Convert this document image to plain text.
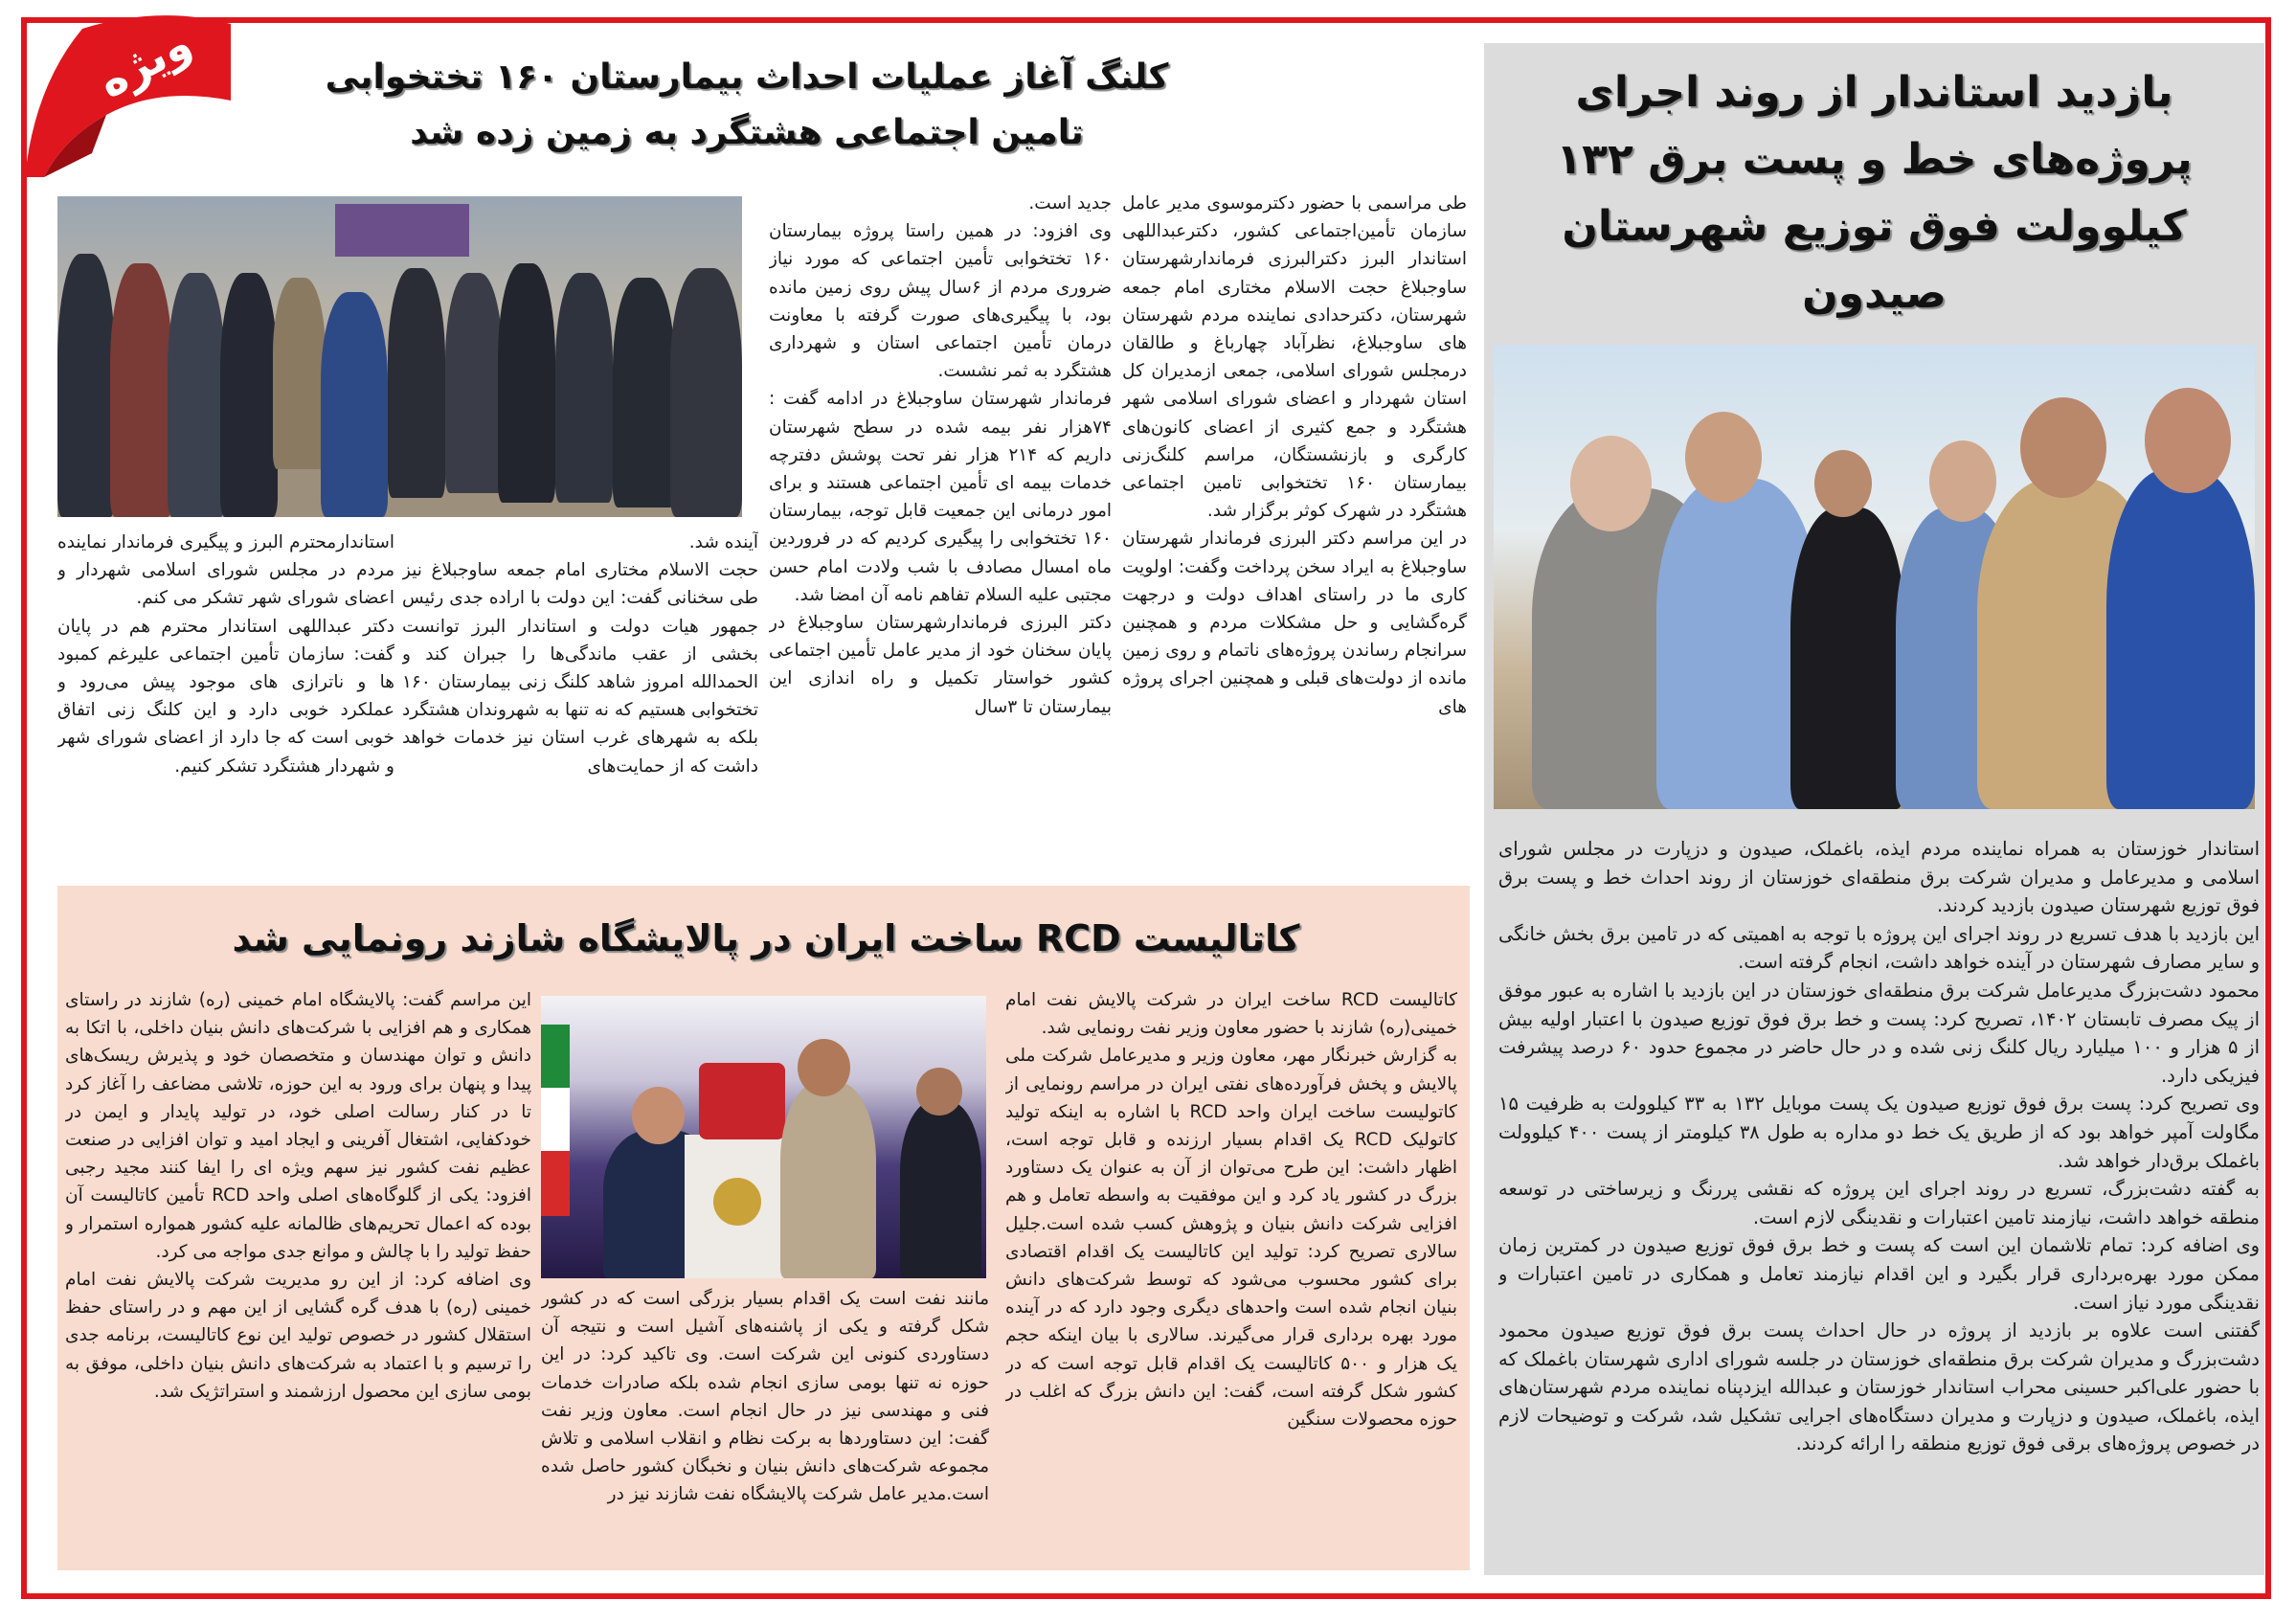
ویژه	کلنگ آغاز عملیات احداث بیمارستان ۱۶۰ تختخوابی
تامین اجتماعی هشتگرد به زمین زده شد

طی مراسمی با حضور دکترموسوی مدیر عامل سازمان تأمین‌اجتماعی کشور، دکترعبداللهی استاندار البرز دکترالبرزی فرماندارشهرستان ساوجبلاغ حجت الاسلام مختاری امام جمعه شهرستان، دکترحدادی نماینده مردم شهرستان های ساوجبلاغ، نظرآباد چهارباغ و طالقان درمجلس شورای اسلامی، جمعی ازمدیران کل استان شهردار و اعضای شورای اسلامی شهر هشتگرد و جمع کثیری از اعضای کانون‌های کارگری و بازنشستگان، مراسم کلنگ‌زنی بیمارستان ۱۶۰ تختخوابی تامین اجتماعی هشتگرد در شهرک کوثر برگزار شد.

در این مراسم دکتر البرزی فرماندار شهرستان ساوجبلاغ به ایراد سخن پرداخت وگفت: اولویت کاری ما در راستای اهداف دولت و درجهت گره‌گشایی و حل مشکلات مردم و همچنین سرانجام رساندن پروژه‌های ناتمام و روی زمین مانده از دولت‌های قبلی و همچنین اجرای پروژه های

جدید است.

وی افزود: در همین راستا پروژه بیمارستان ۱۶۰ تختخوابی تأمین اجتماعی که مورد نیاز ضروری مردم از ۶سال پیش روی زمین مانده بود، با پیگیری‌های صورت گرفته با معاونت درمان تأمین اجتماعی استان و شهرداری هشتگرد به ثمر نشست.

فرماندار شهرستان ساوجبلاغ در ادامه گفت : ۷۴هزار نفر بیمه شده در سطح شهرستان داریم که ۲۱۴ هزار نفر تحت پوشش دفترچه خدمات بیمه ای تأمین اجتماعی هستند و برای امور درمانی این جمعیت قابل توجه، بیمارستان ۱۶۰ تختخوابی را پیگیری کردیم که در فروردین ماه امسال مصادف با شب ولادت امام حسن مجتبی علیه السلام تفاهم نامه آن امضا شد.

دکتر البرزی فرماندارشهرستان ساوجبلاغ در پایان سخنان خود از مدیر عامل تأمین اجتماعی کشور خواستار تکمیل و راه اندازی این بیمارستان تا ۳سال

آینده شد.

حجت الاسلام مختاری امام جمعه ساوجبلاغ نیز طی سخنانی گفت: این دولت با اراده جدی رئیس جمهور هیات دولت و استاندار البرز توانست بخشی از عقب ماندگی‌ها را جبران کند و الحمدالله امروز شاهد کلنگ زنی بیمارستان ۱۶۰ تختخوابی هستیم که نه تنها به شهروندان هشتگرد بلکه به شهرهای غرب استان نیز خدمات خواهد داشت که از حمایت‌های

استاندارمحترم البرز و پیگیری فرماندار نماینده مردم در مجلس شورای اسلامی شهردار و اعضای شورای شهر تشکر می کنم.

دکتر عبداللهی استاندار محترم هم در پایان گفت: سازمان تأمین اجتماعی علیرغم کمبود ها و ناترازی های موجود پیش می‌رود و عملکرد خوبی دارد و این کلنگ زنی اتفاق خوبی است که جا دارد از اعضای شورای شهر و شهردار هشتگرد تشکر کنیم.

کاتالیست RCD ساخت ایران در پالایشگاه شازند رونمایی شد

کاتالیست RCD ساخت ایران در شرکت پالایش نفت امام خمینی(ره) شازند با حضور معاون وزیر نفت رونمایی شد.

به گزارش خبرنگار مهر، معاون وزیر و مدیرعامل شرکت ملی پالایش و پخش فرآورده‌های نفتی ایران در مراسم رونمایی از کاتولیست ساخت ایران واحد RCD با اشاره به اینکه تولید کاتولیک RCD یک اقدام بسیار ارزنده و قابل توجه است، اظهار داشت: این طرح می‌توان از آن به عنوان یک دستاورد بزرگ در کشور یاد کرد و این موفقیت به واسطه تعامل و هم افزایی شرکت دانش بنیان و پژوهش کسب شده است.جلیل سالاری تصریح کرد: تولید این کاتالیست یک اقدام اقتصادی برای کشور محسوب می‌شود که توسط شرکت‌های دانش بنیان انجام شده است واحدهای دیگری وجود دارد که در آینده مورد بهره برداری قرار می‌گیرند. سالاری با بیان اینکه حجم یک هزار و ۵۰۰ کاتالیست یک اقدام قابل توجه است که در کشور شکل گرفته است، گفت: این دانش بزرگ که اغلب در حوزه محصولات سنگین

مانند نفت است یک اقدام بسیار بزرگی است که در کشور شکل گرفته و یکی از پاشنه‌های آشیل است و نتیجه آن دستاوردی کنونی این شرکت است. وی تاکید کرد: در این حوزه نه تنها بومی سازی انجام شده بلکه صادرات خدمات فنی و مهندسی نیز در حال انجام است. معاون وزیر نفت گفت: این دستاوردها به برکت نظام و انقلاب اسلامی و تلاش مجموعه شرکت‌های دانش بنیان و نخبگان کشور حاصل شده است.مدیر عامل شرکت پالایشگاه نفت شازند نیز در

این مراسم گفت: پالایشگاه امام خمینی (ره) شازند در راستای همکاری و هم افزایی با شرکت‌های دانش بنیان داخلی، با اتکا به دانش و توان مهندسان و متخصصان خود و پذیرش ریسک‌های پیدا و پنهان برای ورود به این حوزه، تلاشی مضاعف را آغاز کرد تا در کنار رسالت اصلی خود، در تولید پایدار و ایمن در خودکفایی، اشتغال آفرینی و ایجاد امید و توان افزایی در صنعت عظیم نفت کشور نیز سهم ویژه ای را ایفا کنند مجید رجبی افزود: یکی از گلوگاه‌های اصلی واحد RCD تأمین کاتالیست آن بوده که اعمال تحریم‌های ظالمانه علیه کشور همواره استمرار و حفظ تولید را با چالش و موانع جدی مواجه می کرد.

وی اضافه کرد: از این رو مدیریت شرکت پالایش نفت امام خمینی (ره) با هدف گره گشایی از این مهم و در راستای حفظ استقلال کشور در خصوص تولید این نوع کاتالیست، برنامه جدی را ترسیم و با اعتماد به شرکت‌های دانش بنیان داخلی، موفق به بومی سازی این محصول ارزشمند و استراتژیک شد.

بازدید استاندار از روند اجرای پروژه‌های خط و پست برق ۱۳۲ کیلوولت فوق توزیع شهرستان صیدون

استاندار خوزستان به همراه نماینده مردم ایذه، باغملک، صیدون و دزپارت در مجلس شورای اسلامی و مدیرعامل و مدیران شرکت برق منطقه‌ای خوزستان از روند احداث خط و پست برق فوق توزیع شهرستان صیدون بازدید کردند.

این بازدید با هدف تسریع در روند اجرای این پروژه با توجه به اهمیتی که در تامین برق بخش خانگی و سایر مصارف شهرستان در آینده خواهد داشت، انجام گرفته است.

محمود دشت‌بزرگ مدیرعامل شرکت برق منطقه‌ای خوزستان در این بازدید با اشاره به عبور موفق از پیک مصرف تابستان ۱۴۰۲، تصریح کرد: پست و خط برق فوق توزیع صیدون با اعتبار اولیه بیش از ۵ هزار و ۱۰۰ میلیارد ریال کلنگ زنی شده و در حال حاضر در مجموع حدود ۶۰ درصد پیشرفت فیزیکی دارد.

وی تصریح کرد: پست برق فوق توزیع صیدون یک پست موبایل ۱۳۲ به ۳۳ کیلوولت به ظرفیت ۱۵ مگاولت آمپر خواهد بود که از طریق یک خط دو مداره به طول ۳۸ کیلومتر از پست ۴۰۰ کیلوولت باغملک برق‌دار خواهد شد.

به گفته دشت‌بزرگ، تسریع در روند اجرای این پروژه که نقشی پررنگ و زیرساختی در توسعه منطقه خواهد داشت، نیازمند تامین اعتبارات و نقدینگی لازم است.

وی اضافه کرد: تمام تلاشمان این است که پست و خط برق فوق توزیع صیدون در کمترین زمان ممکن مورد بهره‌برداری قرار بگیرد و این اقدام نیازمند تعامل و همکاری در تامین اعتبارات و نقدینگی مورد نیاز است.

گفتنی است علاوه بر بازدید از پروژه در حال احداث پست برق فوق توزیع صیدون محمود دشت‌بزرگ و مدیران شرکت برق منطقه‌ای خوزستان در جلسه شورای اداری شهرستان باغملک که با حضور علی‌اکبر حسینی محراب استاندار خوزستان و عبدالله ایزدپناه نماینده مردم شهرستان‌های ایذه، باغملک، صیدون و دزپارت و مدیران دستگاه‌های اجرایی تشکیل شد، شرکت و توضیحات لازم در خصوص پروژه‌های برقی فوق توزیع منطقه را ارائه کردند.
